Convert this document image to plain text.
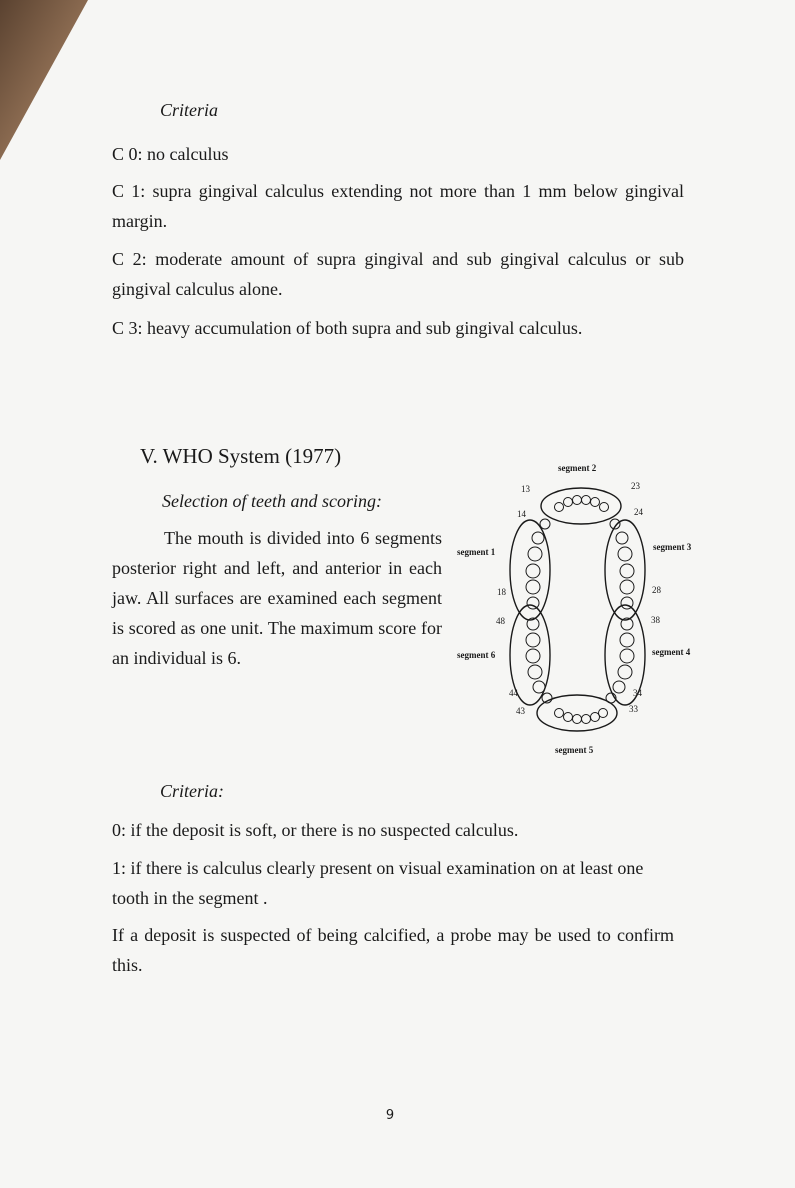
Criteria

C 0: no calculus

C 1: supra gingival calculus extending not more than 1 mm below gingival margin.

C 2: moderate amount of supra gingival and sub gingival calculus or sub gingival calculus alone.

C 3: heavy accumulation of both supra and sub gingival calculus.

V. WHO System (1977)

Selection of teeth and scoring:

The mouth is divided into 6 segments posterior right and left, and anterior in each jaw. All surfaces are examined each segment is scored as one unit. The maximum score for an individual is 6.

segment 2
segment 1	segment 3
segment 6	segment 4
segment 5
13
14
18
23
24
28
48
44
43
38
34
33

Criteria:

0: if the deposit is soft, or there is no suspected calculus.

1: if there is calculus clearly present on visual examination on at least one tooth in the segment .

If a deposit is suspected of being calcified, a probe may be used to confirm this.

9
